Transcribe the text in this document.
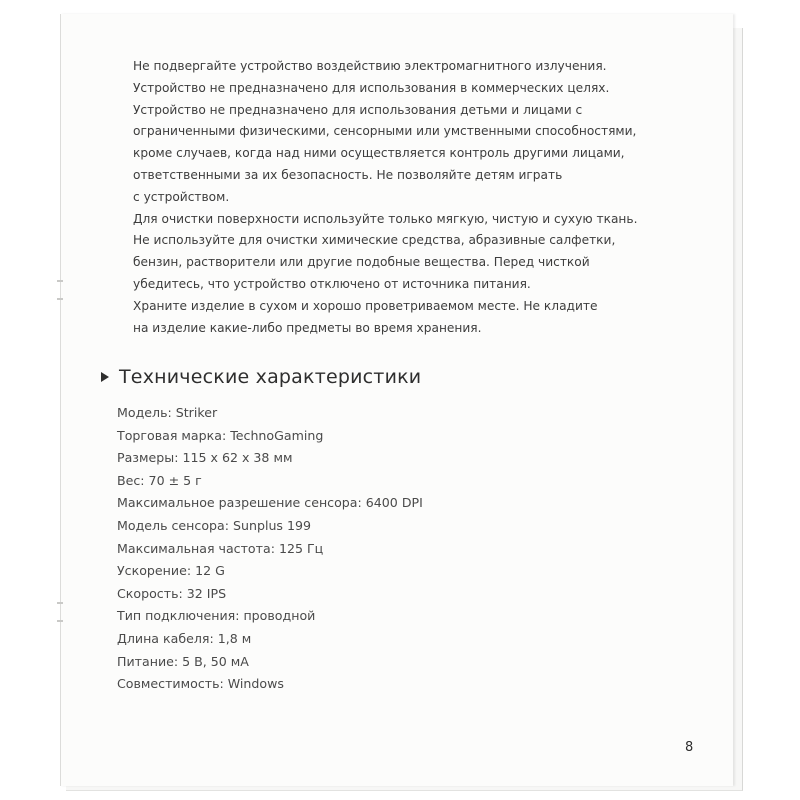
Не подвергайте устройство воздействию электромагнитного излучения.

Устройство не предназначено для использования в коммерческих целях.

Устройство не предназначено для использования детьми и лицами с

ограниченными физическими, сенсорными или умственными способностями,

кроме случаев, когда над ними осуществляется контроль другими лицами,

ответственными за их безопасность. Не позволяйте детям играть

с устройством.

Для очистки поверхности используйте только мягкую, чистую и сухую ткань.

Не используйте для очистки химические средства, абразивные салфетки,

бензин, растворители или другие подобные вещества. Перед чисткой

убедитесь, что устройство отключено от источника питания.

Храните изделие в сухом и хорошо проветриваемом месте. Не кладите

на изделие какие-либо предметы во время хранения.

Технические характеристики
Модель: Striker
Торговая марка: TechnoGaming
Размеры: 115 x 62 x 38 мм
Вес: 70 ± 5 г
Максимальное разрешение сенсора: 6400 DPI
Модель сенсора: Sunplus 199
Максимальная частота: 125 Гц
Ускорение: 12 G
Скорость: 32 IPS
Тип подключения: проводной
Длина кабеля: 1,8 м
Питание: 5 В, 50 мА
Совместимость: Windows
8
